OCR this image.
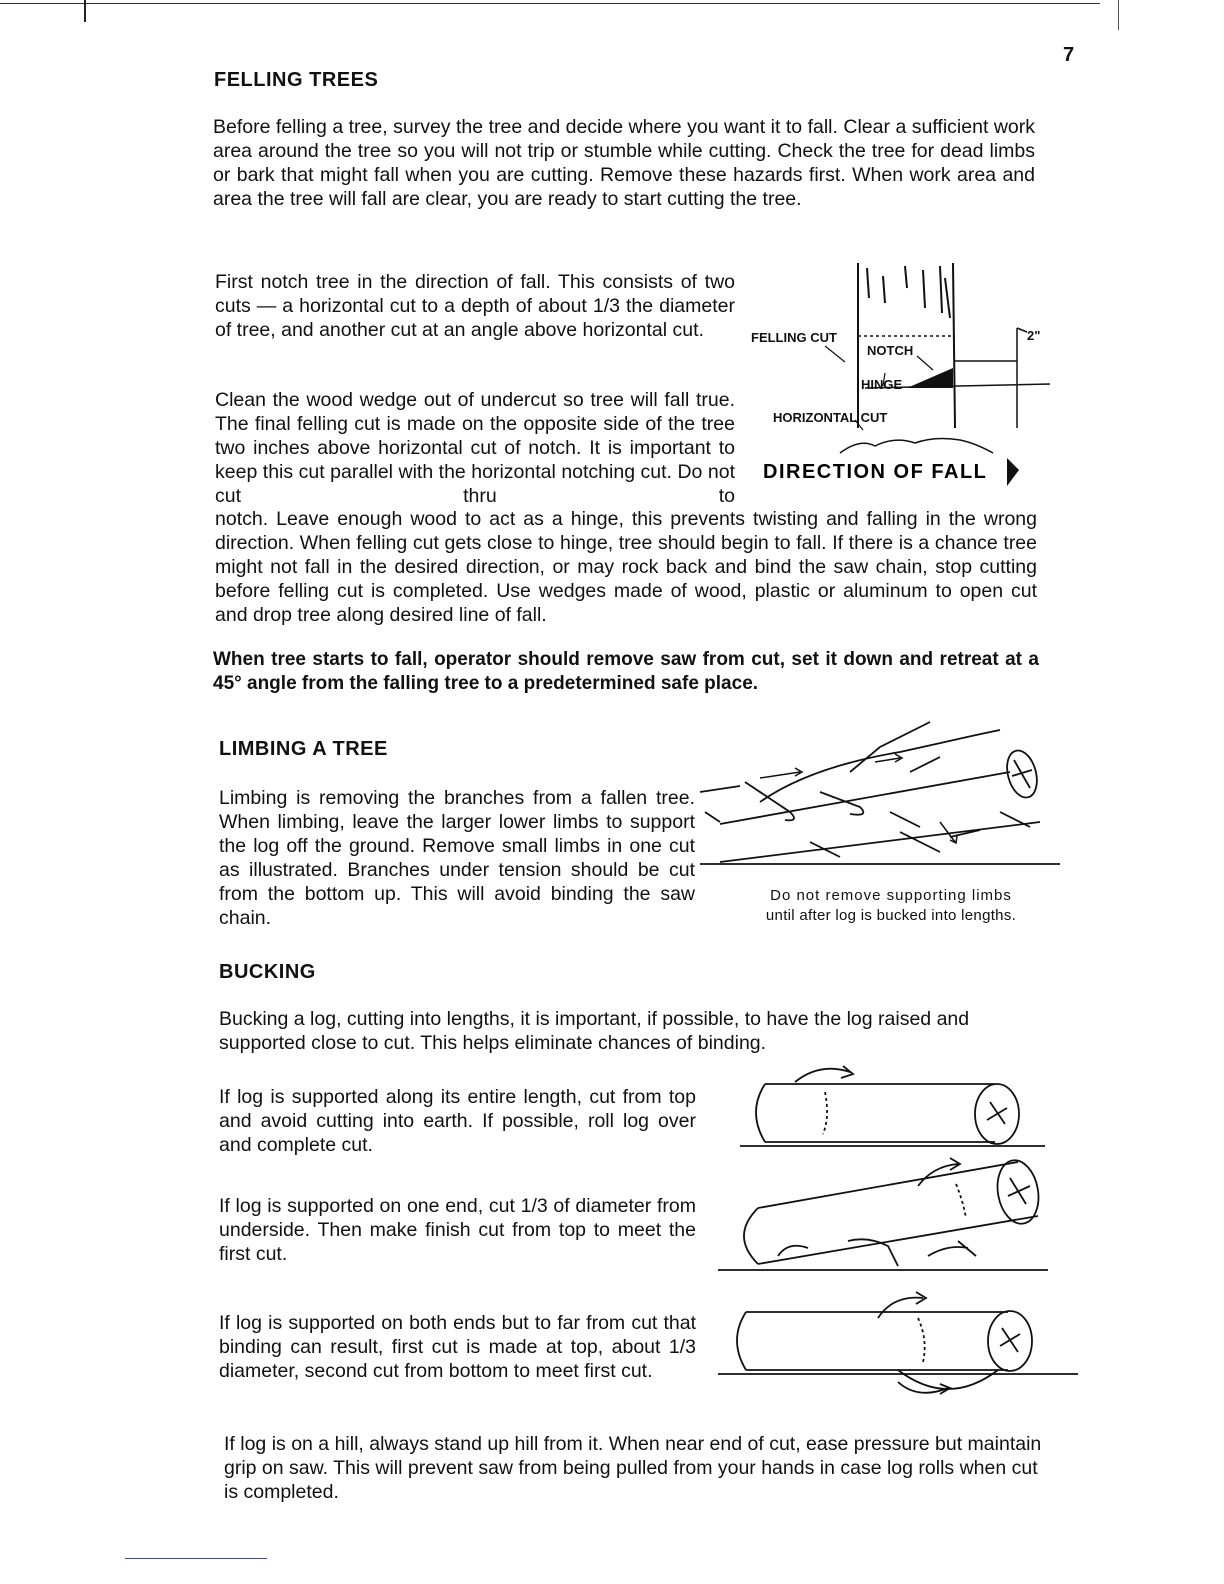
7
FELLING TREES
Before felling a tree, survey the tree and decide where you want it to fall. Clear a sufficient work area around the tree so you will not trip or stumble while cutting. Check the tree for dead limbs or bark that might fall when you are cutting. Remove these hazards first. When work area and area the tree will fall are clear, you are ready to start cutting the tree.
First notch tree in the direction of fall. This consists of two cuts — a horizontal cut to a depth of about 1/3 the diameter of tree, and another cut at an angle above horizontal cut.
Clean the wood wedge out of undercut so tree will fall true. The final felling cut is made on the opposite side of the tree two inches above horizontal cut of notch. It is important to keep this cut parallel with the horizontal notching cut. Do not cut thru to
notch. Leave enough wood to act as a hinge, this prevents twisting and falling in the wrong direction. When felling cut gets close to hinge, tree should begin to fall. If there is a chance tree might not fall in the desired direction, or may rock back and bind the saw chain, stop cutting before felling cut is completed. Use wedges made of wood, plastic or aluminum to open cut and drop tree along desired line of fall.
When tree starts to fall, operator should remove saw from cut, set it down and retreat at a 45° angle from the falling tree to a predetermined safe place.
FELLING CUT
NOTCH
HINGE
HORIZONTAL CUT
2"
DIRECTION OF FALL
LIMBING A TREE
Limbing is removing the branches from a fallen tree. When limbing, leave the larger lower limbs to support the log off the ground. Remove small limbs in one cut as illustrated. Branches under tension should be cut from the bottom up. This will avoid binding the saw chain.
Do not remove supporting limbs
until after log is bucked into lengths.
BUCKING
Bucking a log, cutting into lengths, it is important, if possible, to have the log raised and supported close to cut. This helps eliminate chances of binding.
If log is supported along its entire length, cut from top and avoid cutting into earth. If possible, roll log over and complete cut.
If log is supported on one end, cut 1/3 of diameter from underside. Then make finish cut from top to meet the first cut.
If log is supported on both ends but to far from cut that binding can result, first cut is made at top, about 1/3 diameter, second cut from bottom to meet first cut.
If log is on a hill, always stand up hill from it. When near end of cut, ease pressure but maintain grip on saw. This will prevent saw from being pulled from your hands in case log rolls when cut is completed.
